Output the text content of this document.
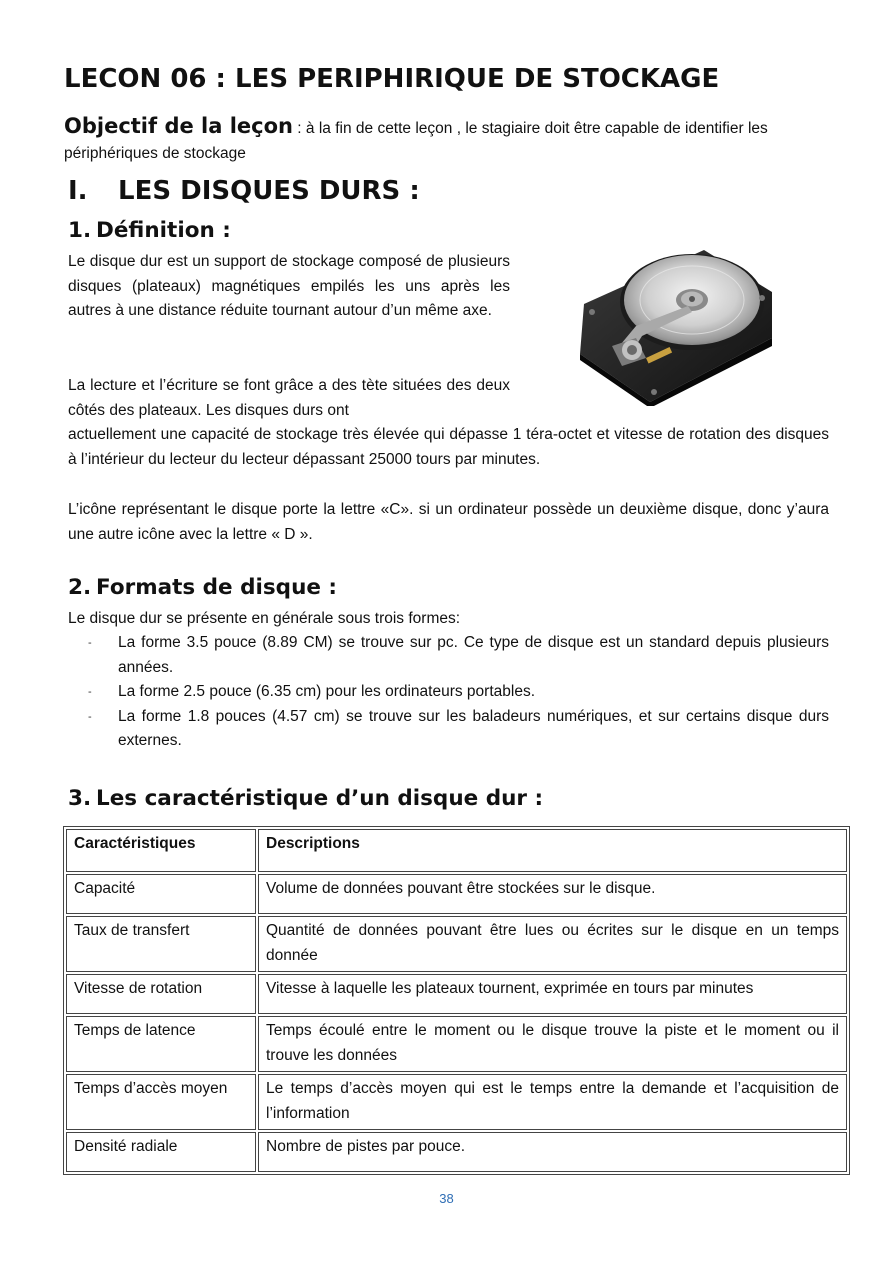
LECON 06 : LES PERIPHIRIQUE DE STOCKAGE

Objectif de la leçon : à la fin de cette leçon , le stagiaire doit être capable de identifier les périphériques de stockage

I. LES DISQUES DURS :
1. Définition :

Le disque dur est un support de stockage composé de plusieurs disques (plateaux) magnétiques empilés les uns après les autres à une distance réduite tournant autour d’un même axe.

La lecture et l’écriture se font grâce a des tète situées des deux côtés des plateaux. Les disques durs ont

actuellement une capacité de stockage très élevée qui dépasse 1 téra-octet et vitesse de rotation des disques à l’intérieur du lecteur du lecteur dépassant 25000 tours par minutes.

L’icône représentant le disque porte la lettre «C». si un ordinateur possède un deuxième disque, donc y’aura une autre icône avec la lettre « D ».

2. Formats de disque :

Le disque dur se présente en générale sous trois formes:

- La forme 3.5 pouce (8.89 CM) se trouve sur pc. Ce type de disque est un standard depuis plusieurs années.
- La forme 2.5 pouce (6.35 cm) pour les ordinateurs portables.
- La forme 1.8 pouces (4.57 cm) se trouve sur les baladeurs numériques, et sur certains disque durs externes.
3. Les caractéristique d’un disque dur :
Caractéristiques	Descriptions
Capacité	Volume de données pouvant être stockées sur le disque.
Taux de transfert	Quantité de données pouvant être lues ou écrites sur le disque en un temps donnée
Vitesse de rotation	Vitesse à laquelle les plateaux tournent, exprimée en tours par minutes
Temps de latence	Temps écoulé entre le moment ou le disque trouve la piste et le moment ou il trouve les données
Temps d’accès moyen	Le temps d’accès moyen qui est le temps entre la demande et l’acquisition de l’information
Densité radiale	Nombre de pistes par pouce.
38
